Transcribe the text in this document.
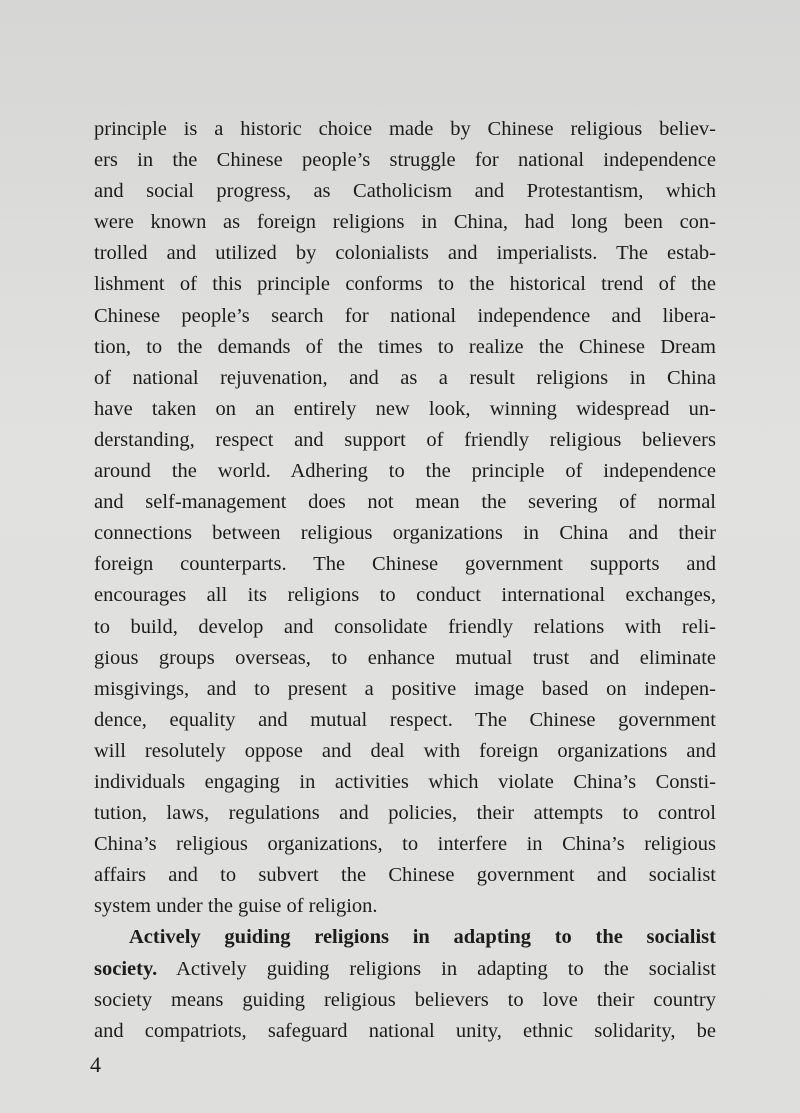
principle is a historic choice made by Chinese religious believ-
ers in the Chinese people’s struggle for national independence
and social progress, as Catholicism and Protestantism, which
were known as foreign religions in China, had long been con-
trolled and utilized by colonialists and imperialists. The estab-
lishment of this principle conforms to the historical trend of the
Chinese people’s search for national independence and libera-
tion, to the demands of the times to realize the Chinese Dream
of national rejuvenation, and as a result religions in China
have taken on an entirely new look, winning widespread un-
derstanding, respect and support of friendly religious believers
around the world. Adhering to the principle of independence
and self-management does not mean the severing of normal
connections between religious organizations in China and their
foreign counterparts. The Chinese government supports and
encourages all its religions to conduct international exchanges,
to build, develop and consolidate friendly relations with reli-
gious groups overseas, to enhance mutual trust and eliminate
misgivings, and to present a positive image based on indepen-
dence, equality and mutual respect. The Chinese government
will resolutely oppose and deal with foreign organizations and
individuals engaging in activities which violate China’s Consti-
tution, laws, regulations and policies, their attempts to control
China’s religious organizations, to interfere in China’s religious
affairs and to subvert the Chinese government and socialist
system under the guise of religion.
Actively guiding religions in adapting to the socialist
society. Actively guiding religions in adapting to the socialist
society means guiding religious believers to love their country
and compatriots, safeguard national unity, ethnic solidarity, be
4
